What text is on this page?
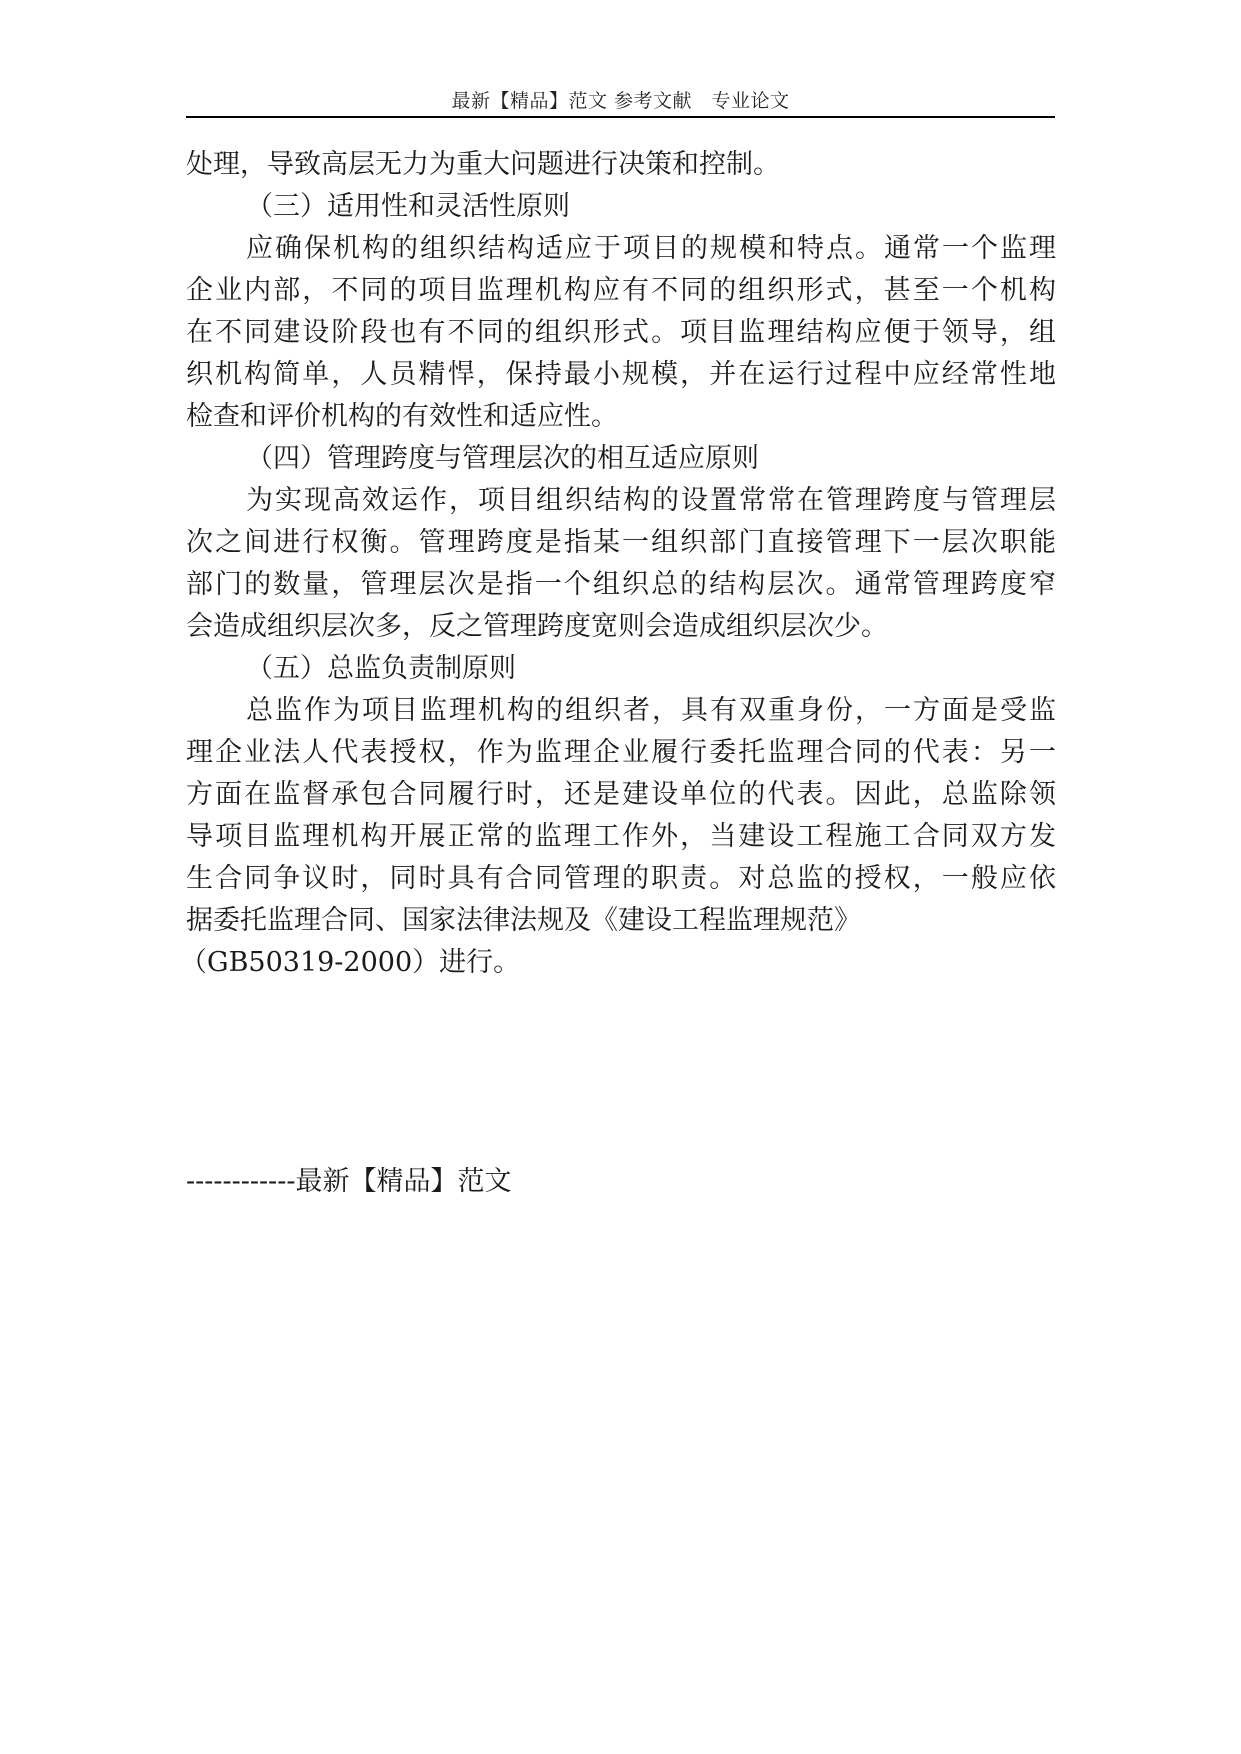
最新【精品】范文 参考文献　专业论文
处理，导致高层无力为重大问题进行决策和控制。
（三）适用性和灵活性原则
应确保机构的组织结构适应于项目的规模和特点。通常一个监理
企业内部，不同的项目监理机构应有不同的组织形式，甚至一个机构
在不同建设阶段也有不同的组织形式。项目监理结构应便于领导，组
织机构简单，人员精悍，保持最小规模，并在运行过程中应经常性地
检查和评价机构的有效性和适应性。
（四）管理跨度与管理层次的相互适应原则
为实现高效运作，项目组织结构的设置常常在管理跨度与管理层
次之间进行权衡。管理跨度是指某一组织部门直接管理下一层次职能
部门的数量，管理层次是指一个组织总的结构层次。通常管理跨度窄
会造成组织层次多，反之管理跨度宽则会造成组织层次少。
（五）总监负责制原则
总监作为项目监理机构的组织者，具有双重身份，一方面是受监
理企业法人代表授权，作为监理企业履行委托监理合同的代表：另一
方面在监督承包合同履行时，还是建设单位的代表。因此，总监除领
导项目监理机构开展正常的监理工作外，当建设工程施工合同双方发
生合同争议时，同时具有合同管理的职责。对总监的授权，一般应依
据委托监理合同、国家法律法规及《建设工程监理规范》
（GB50319-2000）进行。
------------最新【精品】范文
